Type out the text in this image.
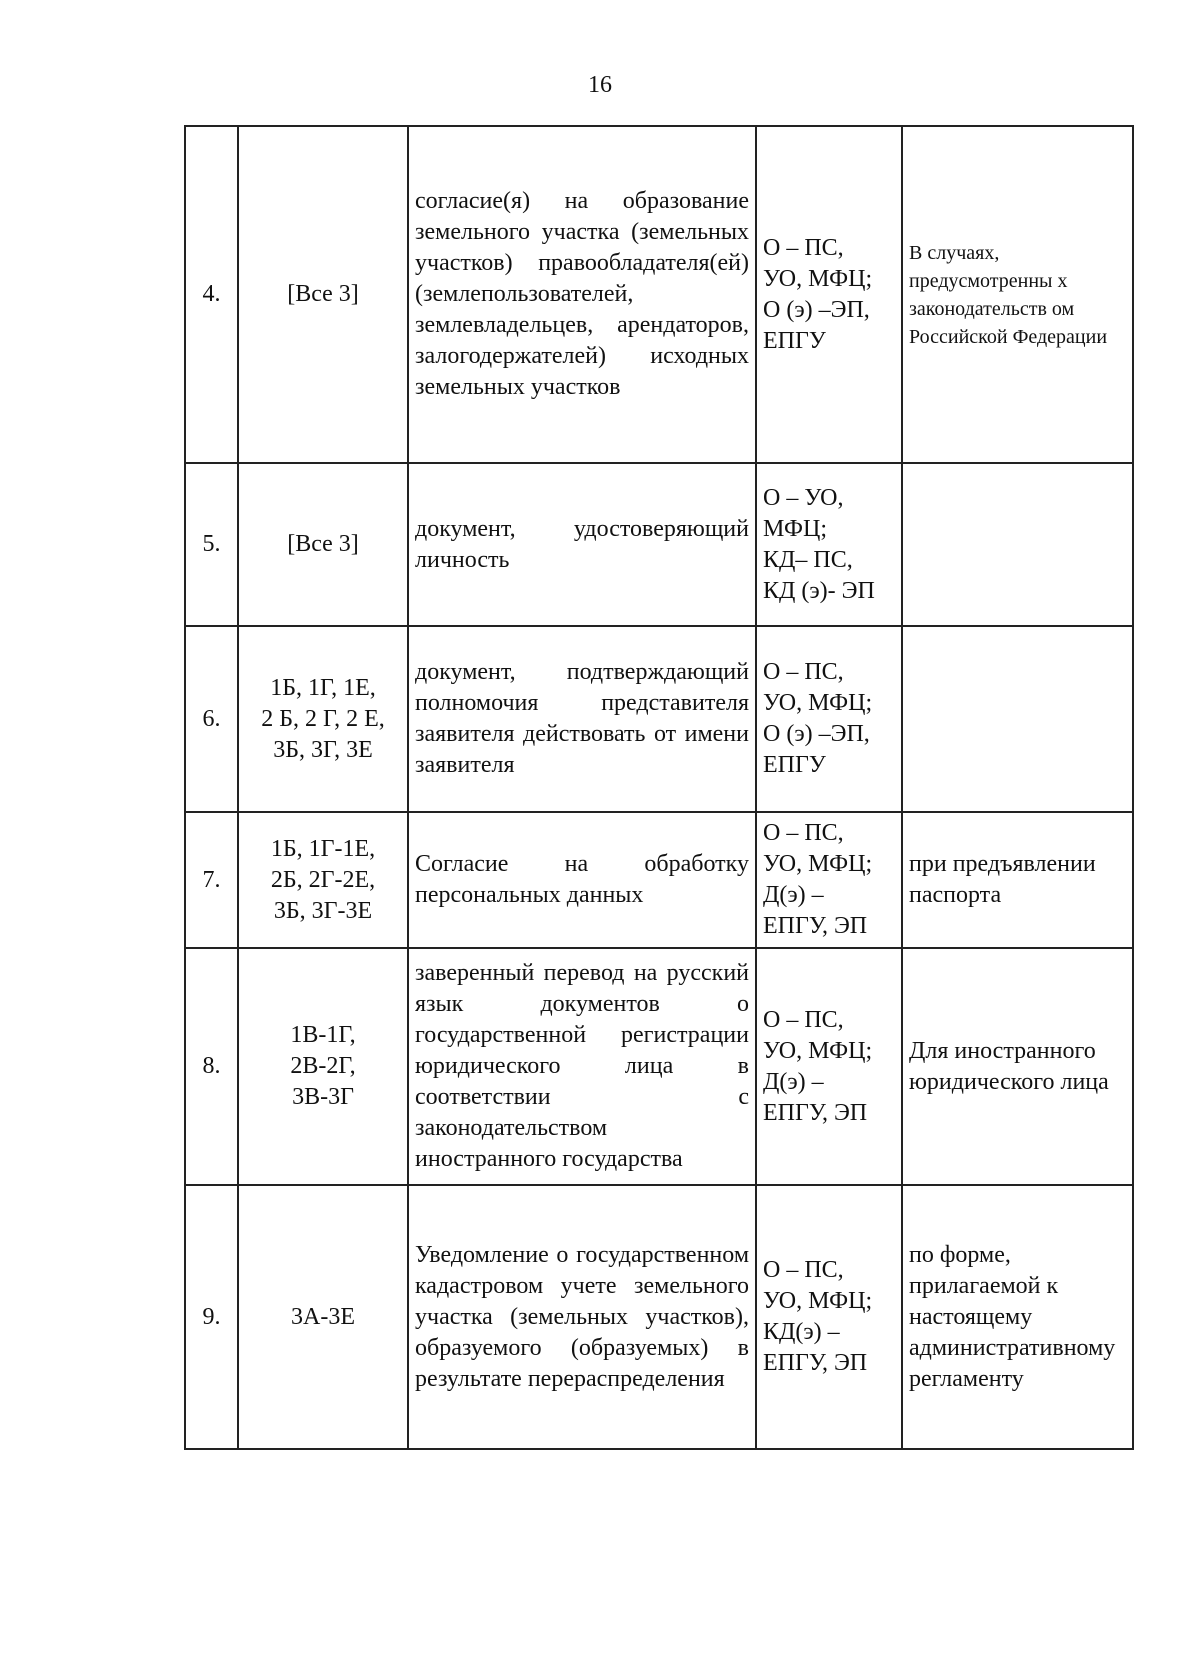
16
4.	[Все 3]	согласие(я) на образование земельного участка (земельных участков) правообладателя(ей) (землепользователей, землевладельцев, арендаторов, залогодержателей) исходных земельных участков	О – ПС,
УО, МФЦ;
О (э) –ЭП,
ЕПГУ	В случаях, предусмотренны х законодательств ом Российской Федерации
5.	[Все 3]	документ, удостоверяющий личность	О – УО,
МФЦ;
КД– ПС,
КД (э)- ЭП	

6.	1Б, 1Г, 1Е,
2 Б, 2 Г, 2 Е,
3Б, 3Г, 3Е	документ, подтверждающий полномочия представителя заявителя действовать от имени заявителя	О – ПС,
УО, МФЦ;
О (э) –ЭП,
ЕПГУ	

7.	1Б, 1Г-1Е,
2Б, 2Г-2Е,
3Б, 3Г-3Е	Согласие на обработку персональных данных	О – ПС,
УО, МФЦ;
Д(э) –
ЕПГУ, ЭП	при предъявлении паспорта
8.	1В-1Г,
2В-2Г,
3В-3Г	заверенный перевод на русский язык документов о государственной регистрации юридического лица в соответствии с законодательством иностранного государства	О – ПС,
УО, МФЦ;
Д(э) –
ЕПГУ, ЭП	Для иностранного юридического лица
9.	3А-3Е	Уведомление о государственном кадастровом учете земельного участка (земельных участков), образуемого (образуемых) в результате перераспределения	О – ПС,
УО, МФЦ;
КД(э) –
ЕПГУ, ЭП	по форме, прилагаемой к настоящему административному регламенту
